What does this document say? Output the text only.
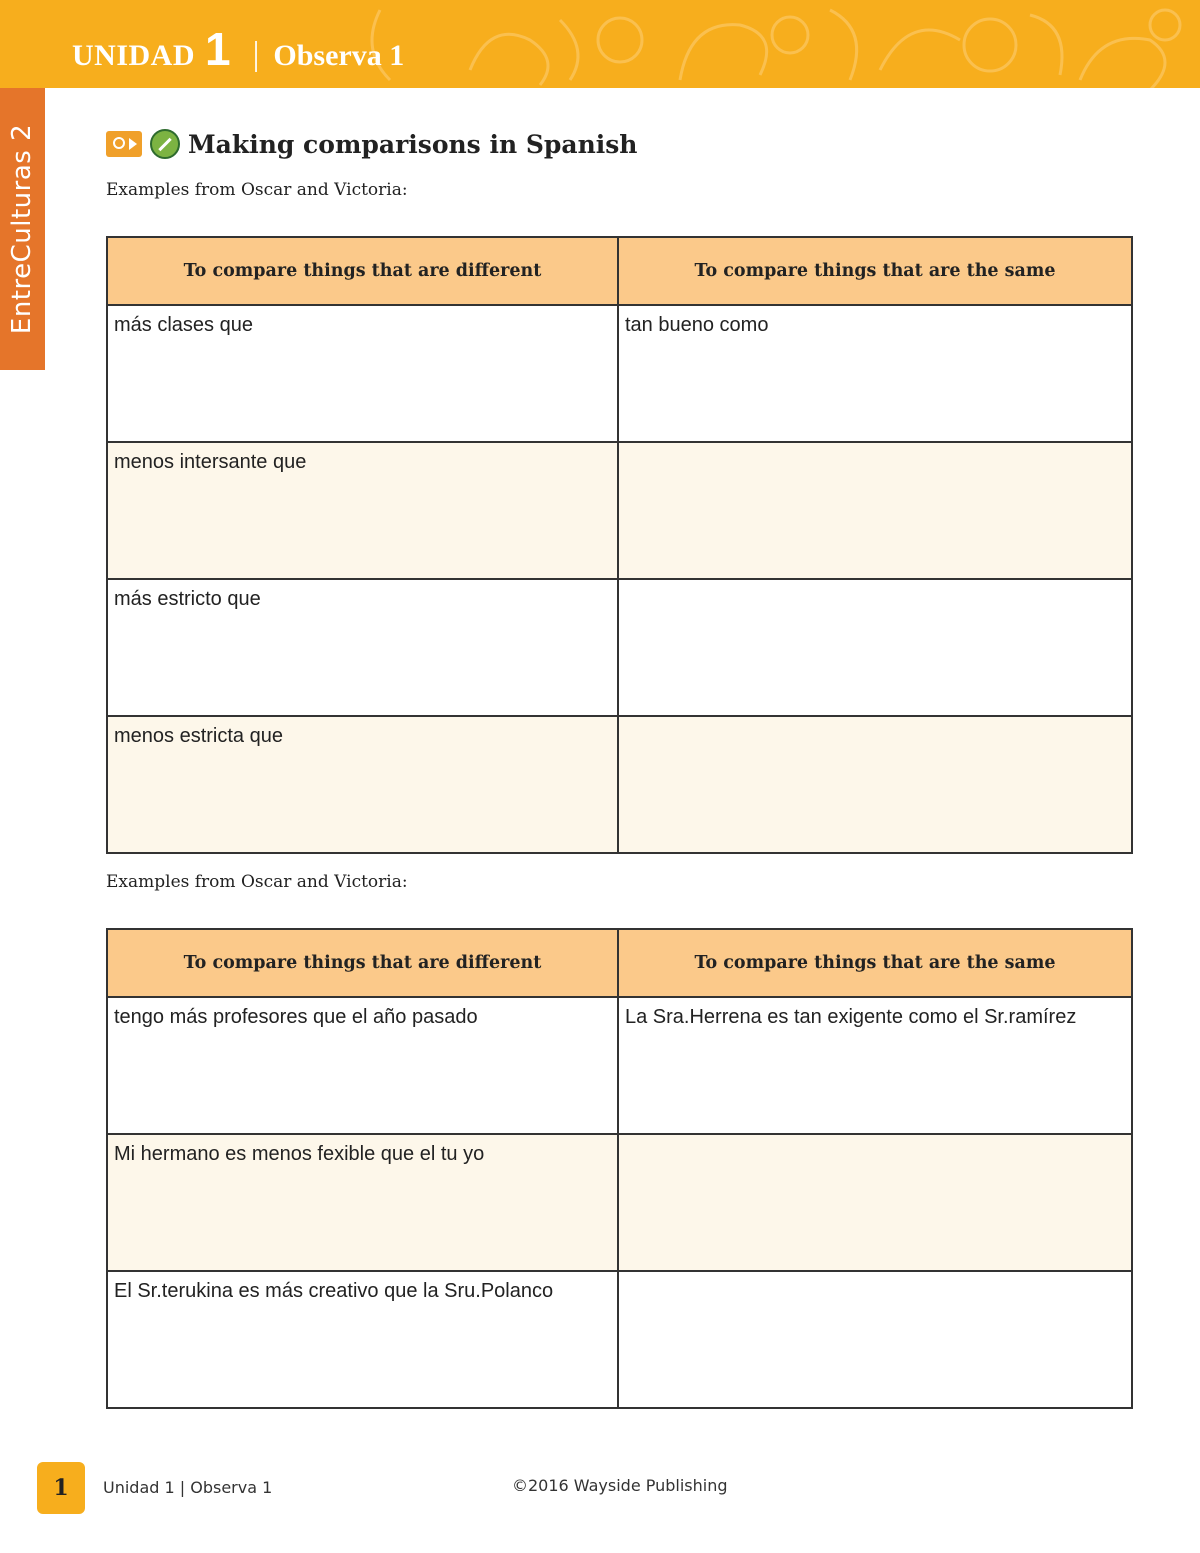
UNIDAD 1 | Observa 1
EntreCulturas 2	Making comparisons in Spanish
Examples from Oscar and Victoria:
To compare things that are different	To compare things that are the same
más clases que	tan bueno como
menos intersante que	
más estricto que	
menos estricta que	
Examples from Oscar and Victoria:
To compare things that are different	To compare things that are the same
tengo más profesores que el año pasado	La Sra.Herrena es tan exigente como el Sr.ramírez
Mi hermano es menos fexible que el tu yo	
El Sr.terukina es más creativo que la Sru.Polanco	
1	Unidad 1 | Observa 1	©2016 Wayside Publishing
